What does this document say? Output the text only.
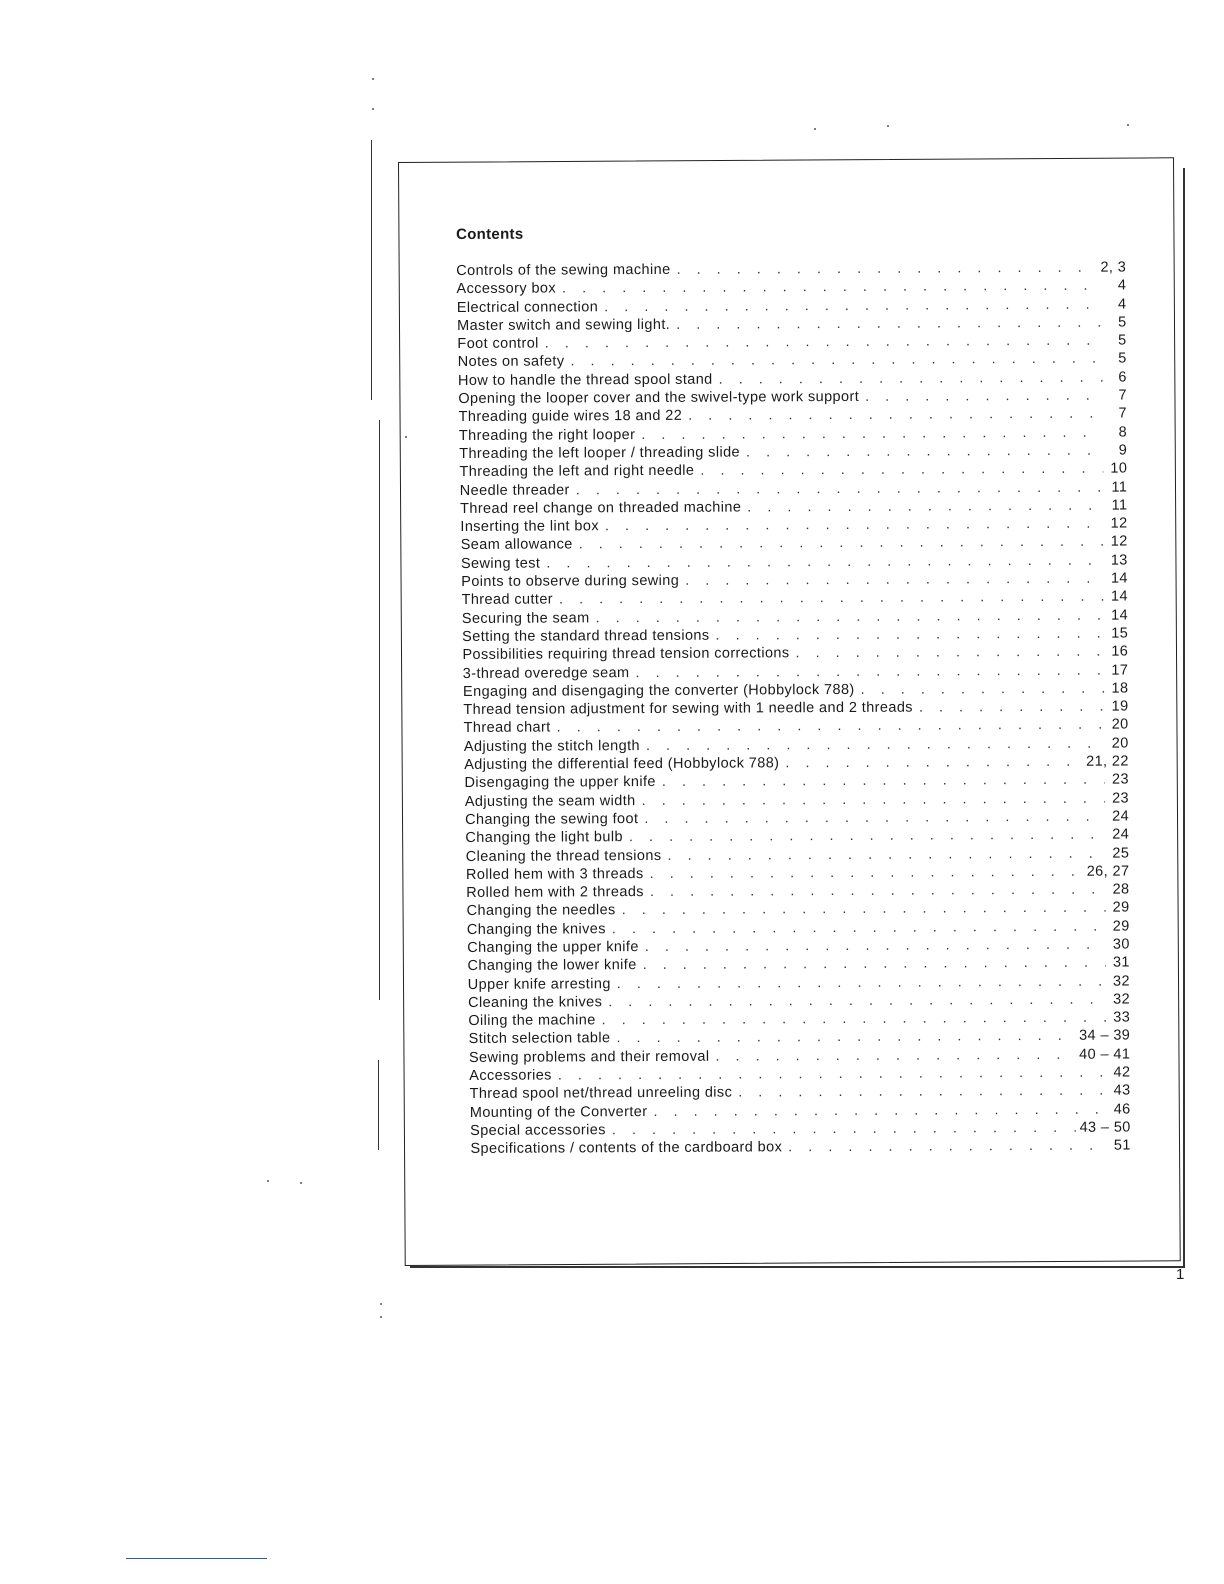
Contents
Controls of the sewing machine . . .	2, 3
Accessory box . . .	4
Electrical connection . . .	4
Master switch and sewing light. . . .	5
Foot control . . .	5
Notes on safety . . .	5
How to handle the thread spool stand . . .	6
Opening the looper cover and the swivel-type work support . . .	7
Threading guide wires 18 and 22 . . .	7
Threading the right looper . . .	8
Threading the left looper / threading slide . . .	9
Threading the left and right needle . . .	10
Needle threader . . .	11
Thread reel change on threaded machine . . .	11
Inserting the lint box . . .	12
Seam allowance . . .	12
Sewing test . . .	13
Points to observe during sewing . . .	14
Thread cutter . . .	14
Securing the seam . . .	14
Setting the standard thread tensions . . .	15
Possibilities requiring thread tension corrections . . .	16
3-thread overedge seam . . .	17
Engaging and disengaging the converter (Hobbylock 788) . . .	18
Thread tension adjustment for sewing with 1 needle and 2 threads . . .	19
Thread chart . . .	20
Adjusting the stitch length . . .	20
Adjusting the differential feed (Hobbylock 788) . . .	21, 22
Disengaging the upper knife . . .	23
Adjusting the seam width . . .	23
Changing the sewing foot . . .	24
Changing the light bulb . . .	24
Cleaning the thread tensions . . .	25
Rolled hem with 3 threads . . .	26, 27
Rolled hem with 2 threads . . .	28
Changing the needles . . .	29
Changing the knives . . .	29
Changing the upper knife . . .	30
Changing the lower knife . . .	31
Upper knife arresting . . .	32
Cleaning the knives . . .	32
Oiling the machine . . .	33
Stitch selection table . . .	34 – 39
Sewing problems and their removal . . .	40 – 41
Accessories . . .	42
Thread spool net/thread unreeling disc . . .	43
Mounting of the Converter . . .	46
Special accessories . . .	43 – 50
Specifications / contents of the cardboard box . . .	51
1
